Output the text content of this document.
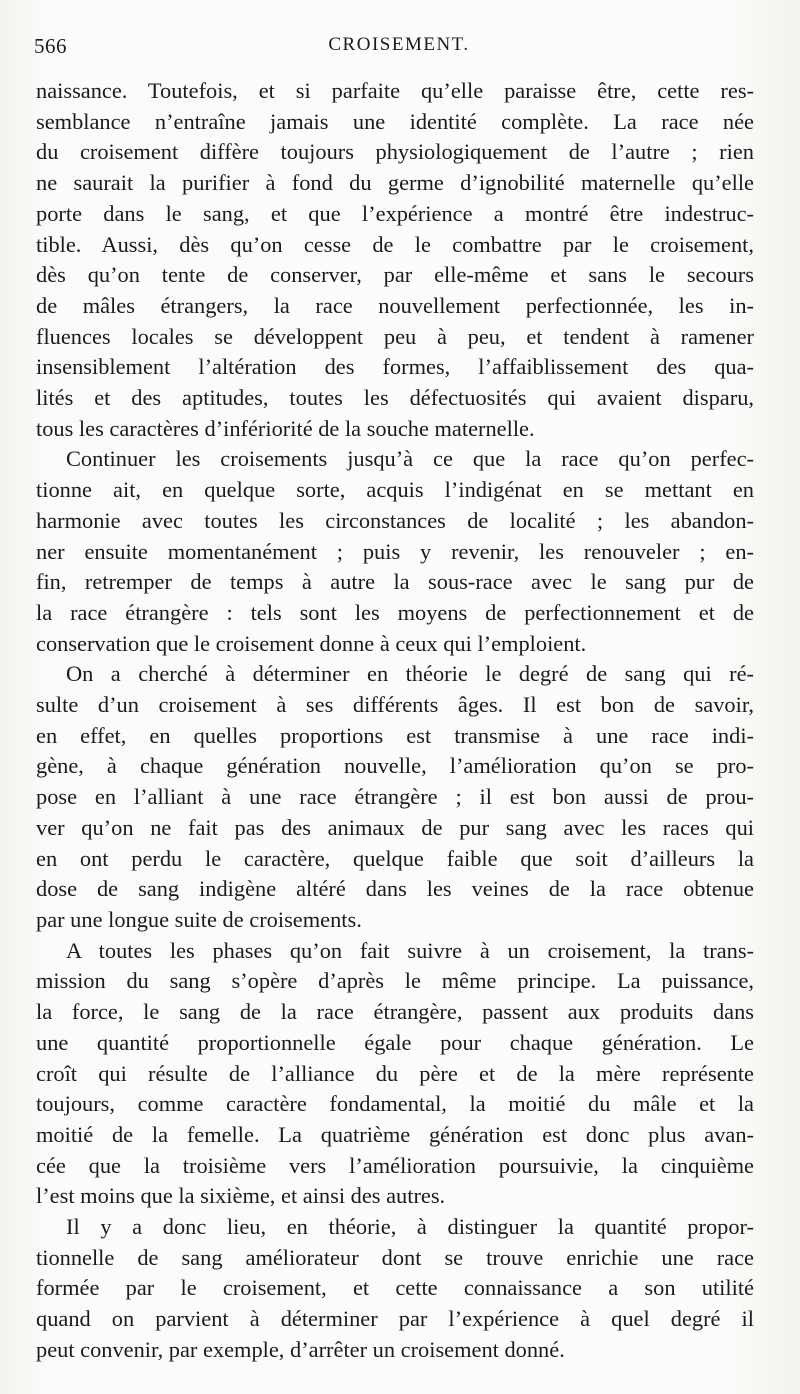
566	CROISEMENT.

naissance. Toutefois, et si parfaite qu’elle paraisse être, cette res-
semblance n’entraîne jamais une identité complète. La race née
du croisement diffère toujours physiologiquement de l’autre ; rien
ne saurait la purifier à fond du germe d’ignobilité maternelle qu’elle
porte dans le sang, et que l’expérience a montré être indestruc-
tible. Aussi, dès qu’on cesse de le combattre par le croisement,
dès qu’on tente de conserver, par elle-même et sans le secours
de mâles étrangers, la race nouvellement perfectionnée, les in-
fluences locales se développent peu à peu, et tendent à ramener
insensiblement l’altération des formes, l’affaiblissement des qua-
lités et des aptitudes, toutes les défectuosités qui avaient disparu,
tous les caractères d’infériorité de la souche maternelle.

Continuer les croisements jusqu’à ce que la race qu’on perfec-
tionne ait, en quelque sorte, acquis l’indigénat en se mettant en
harmonie avec toutes les circonstances de localité ; les abandon-
ner ensuite momentanément ; puis y revenir, les renouveler ; en-
fin, retremper de temps à autre la sous-race avec le sang pur de
la race étrangère : tels sont les moyens de perfectionnement et de
conservation que le croisement donne à ceux qui l’emploient.

On a cherché à déterminer en théorie le degré de sang qui ré-
sulte d’un croisement à ses différents âges. Il est bon de savoir,
en effet, en quelles proportions est transmise à une race indi-
gène, à chaque génération nouvelle, l’amélioration qu’on se pro-
pose en l’alliant à une race étrangère ; il est bon aussi de prou-
ver qu’on ne fait pas des animaux de pur sang avec les races qui
en ont perdu le caractère, quelque faible que soit d’ailleurs la
dose de sang indigène altéré dans les veines de la race obtenue
par une longue suite de croisements.

A toutes les phases qu’on fait suivre à un croisement, la trans-
mission du sang s’opère d’après le même principe. La puissance,
la force, le sang de la race étrangère, passent aux produits dans
une quantité proportionnelle égale pour chaque génération. Le
croît qui résulte de l’alliance du père et de la mère représente
toujours, comme caractère fondamental, la moitié du mâle et la
moitié de la femelle. La quatrième génération est donc plus avan-
cée que la troisième vers l’amélioration poursuivie, la cinquième
l’est moins que la sixième, et ainsi des autres.

Il y a donc lieu, en théorie, à distinguer la quantité propor-
tionnelle de sang améliorateur dont se trouve enrichie une race
formée par le croisement, et cette connaissance a son utilité
quand on parvient à déterminer par l’expérience à quel degré il
peut convenir, par exemple, d’arrêter un croisement donné.
